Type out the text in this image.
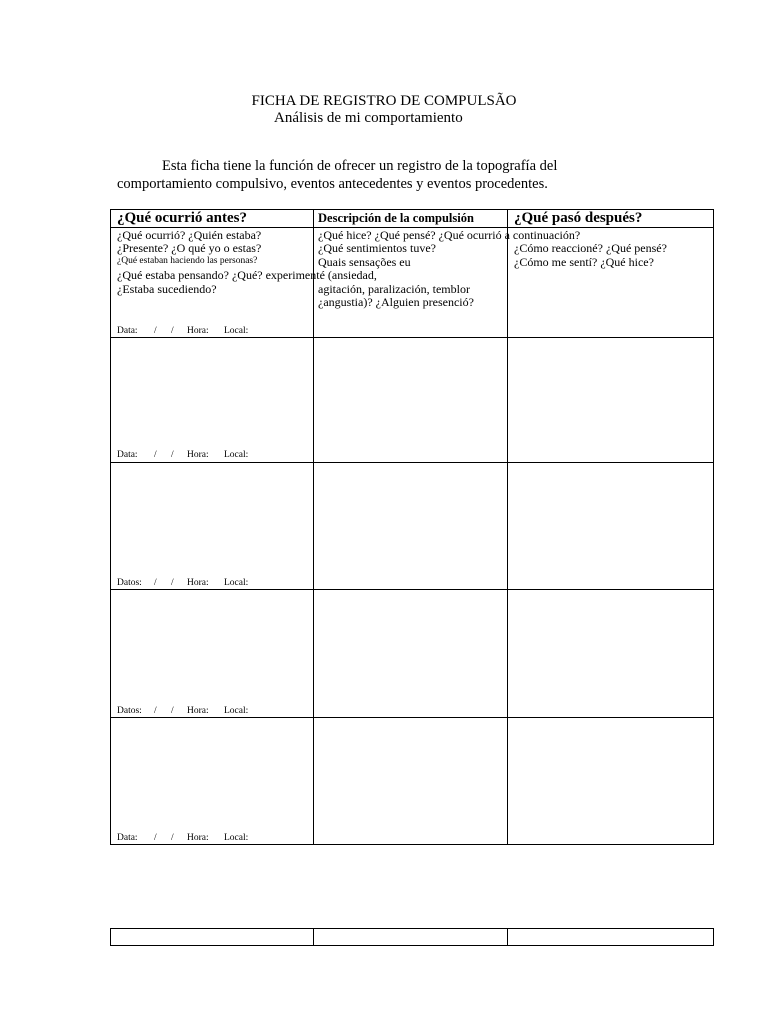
FICHA DE REGISTRO DE COMPULSÃO
Análisis de mi comportamiento
Esta ficha tiene la función de ofrecer un registro de la topografía del
comportamiento compulsivo, eventos antecedentes y eventos procedentes.
¿Qué ocurrió antes?	Descripción de la compulsión	¿Qué pasó después?
¿Qué ocurrió? ¿Quién estaba?
¿Presente? ¿O qué yo o estas?
¿Qué estaban haciendo las personas?
¿Qué estaba pensando? ¿Qué? experimenté (ansiedad,
¿Estaba sucediendo?
¿Qué hice? ¿Qué pensé? ¿Qué ocurrió a continuación?
¿Qué sentimientos tuve?
Quais sensações eu
agitación, paralización, temblor
¿angustia)? ¿Alguien presenció?
¿Cómo reaccioné? ¿Qué pensé?
¿Cómo me sentí? ¿Qué hice?
Data: / / Hora: Local:
Data: / / Hora: Local:
Datos: / / Hora: Local:
Datos: / / Hora: Local:
Data: / / Hora: Local:
